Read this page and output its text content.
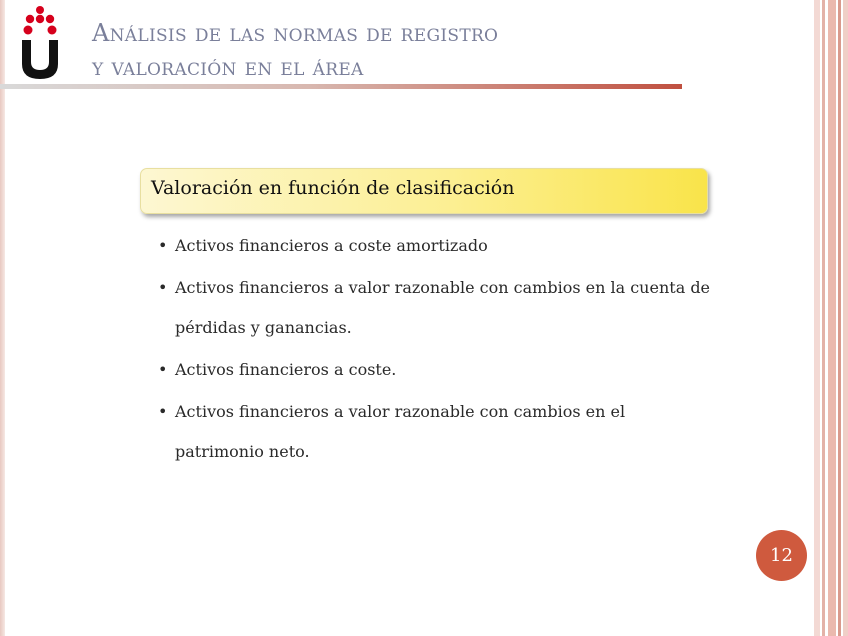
Análisis de las normas de registro
y valoración en el área
Valoración en función de clasificación
• Activos financieros a coste amortizado
• Activos financieros a valor razonable con cambios en la cuenta de pérdidas y ganancias.
• Activos financieros a coste.
• Activos financieros a valor razonable con cambios en el patrimonio neto.
12
